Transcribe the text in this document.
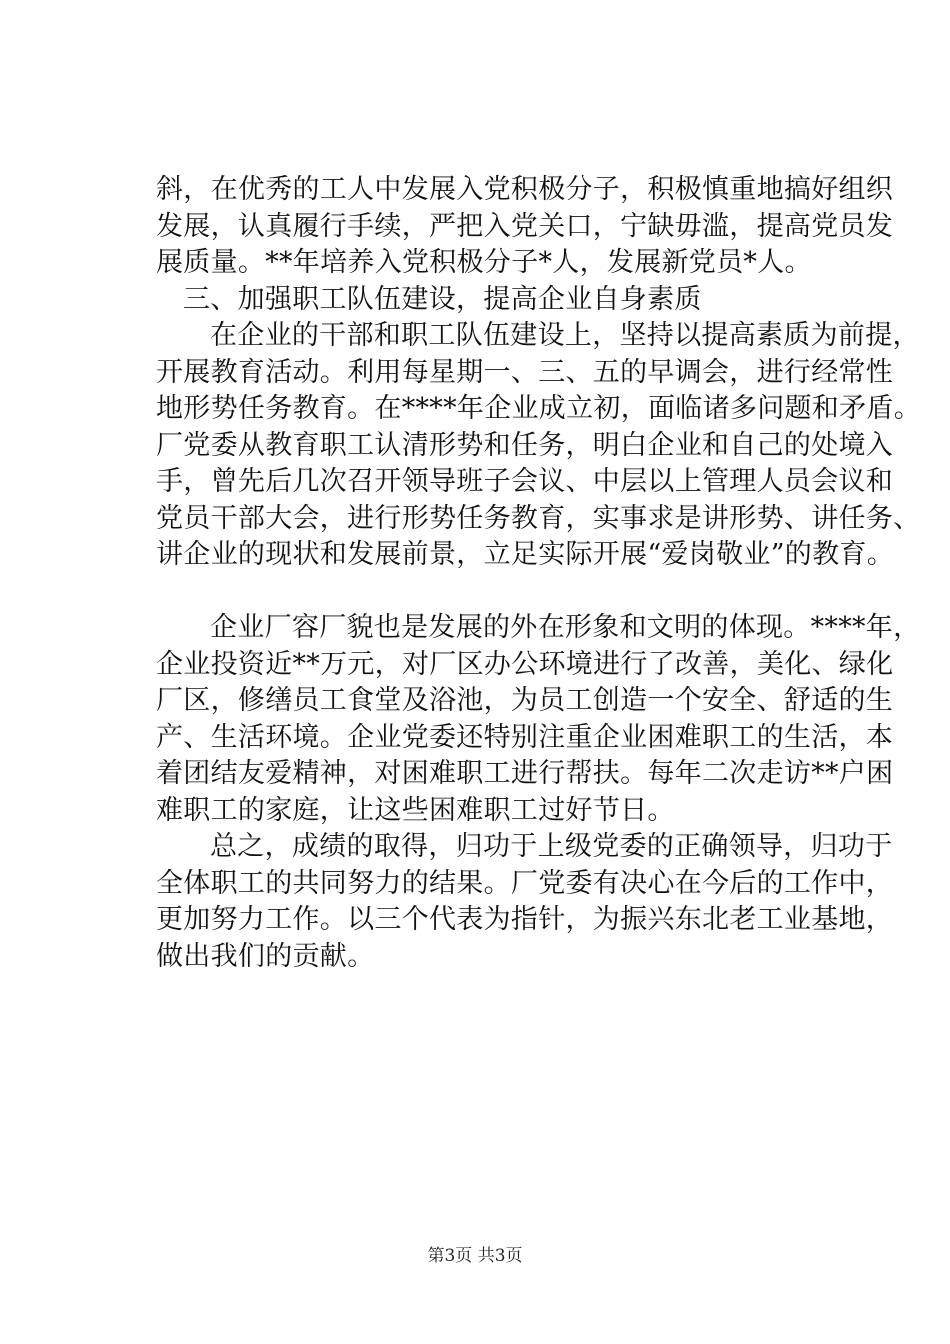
斜，在优秀的工人中发展入党积极分子，积极慎重地搞好组织
发展，认真履行手续，严把入党关口，宁缺毋滥，提高党员发
展质量。**年培养入党积极分子*人，发展新党员*人。
三、加强职工队伍建设，提高企业自身素质
在企业的干部和职工队伍建设上，坚持以提高素质为前提，
开展教育活动。利用每星期一、三、五的早调会，进行经常性
地形势任务教育。在****年企业成立初，面临诸多问题和矛盾。
厂党委从教育职工认清形势和任务，明白企业和自己的处境入
手，曾先后几次召开领导班子会议、中层以上管理人员会议和
党员干部大会，进行形势任务教育，实事求是讲形势、讲任务、
讲企业的现状和发展前景，立足实际开展“爱岗敬业”的教育。
企业厂容厂貌也是发展的外在形象和文明的体现。****年，
企业投资近**万元，对厂区办公环境进行了改善，美化、绿化
厂区，修缮员工食堂及浴池，为员工创造一个安全、舒适的生
产、生活环境。企业党委还特别注重企业困难职工的生活，本
着团结友爱精神，对困难职工进行帮扶。每年二次走访**户困
难职工的家庭，让这些困难职工过好节日。
总之，成绩的取得，归功于上级党委的正确领导，归功于
全体职工的共同努力的结果。厂党委有决心在今后的工作中，
更加努力工作。以三个代表为指针，为振兴东北老工业基地，
做出我们的贡献。
第3页 共3页
